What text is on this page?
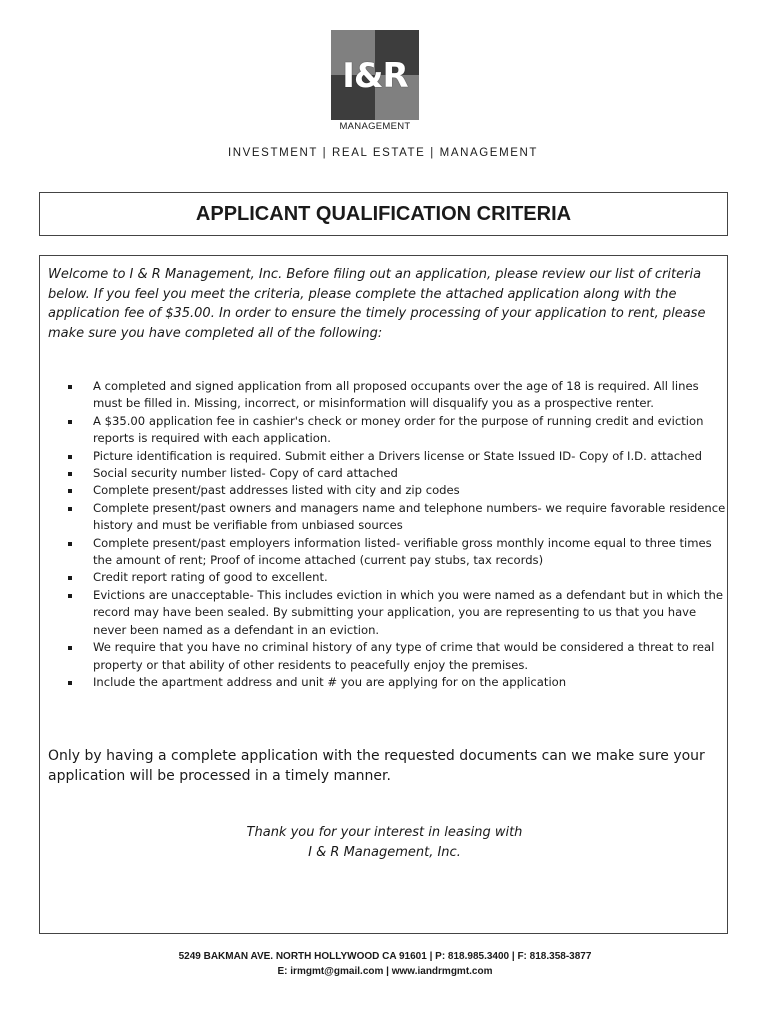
I&R
MANAGEMENT
INVESTMENT | REAL ESTATE | MANAGEMENT
APPLICANT QUALIFICATION CRITERIA

Welcome to I & R Management, Inc. Before filing out an application, please review our list of criteria below. If you feel you meet the criteria, please complete the attached application along with the application fee of $35.00. In order to ensure the timely processing of your application to rent, please make sure you have completed all of the following:

A completed and signed application from all proposed occupants over the age of 18 is required. All lines must be filled in. Missing, incorrect, or misinformation will disqualify you as a prospective renter.
A $35.00 application fee in cashier's check or money order for the purpose of running credit and eviction reports is required with each application.
Picture identification is required. Submit either a Drivers license or State Issued ID- Copy of I.D. attached
Social security number listed- Copy of card attached
Complete present/past addresses listed with city and zip codes
Complete present/past owners and managers name and telephone numbers- we require favorable residence history and must be verifiable from unbiased sources
Complete present/past employers information listed- verifiable gross monthly income equal to three times the amount of rent; Proof of income attached (current pay stubs, tax records)
Credit report rating of good to excellent.
Evictions are unacceptable- This includes eviction in which you were named as a defendant but in which the record may have been sealed. By submitting your application, you are representing to us that you have never been named as a defendant in an eviction.
We require that you have no criminal history of any type of crime that would be considered a threat to real property or that ability of other residents to peacefully enjoy the premises.
Include the apartment address and unit # you are applying for on the application

Only by having a complete application with the requested documents can we make sure your application will be processed in a timely manner.

Thank you for your interest in leasing with
I & R Management, Inc.
5249 BAKMAN AVE. NORTH HOLLYWOOD CA 91601 | P: 818.985.3400 | F: 818.358-3877
E: irmgmt@gmail.com | www.iandrmgmt.com
